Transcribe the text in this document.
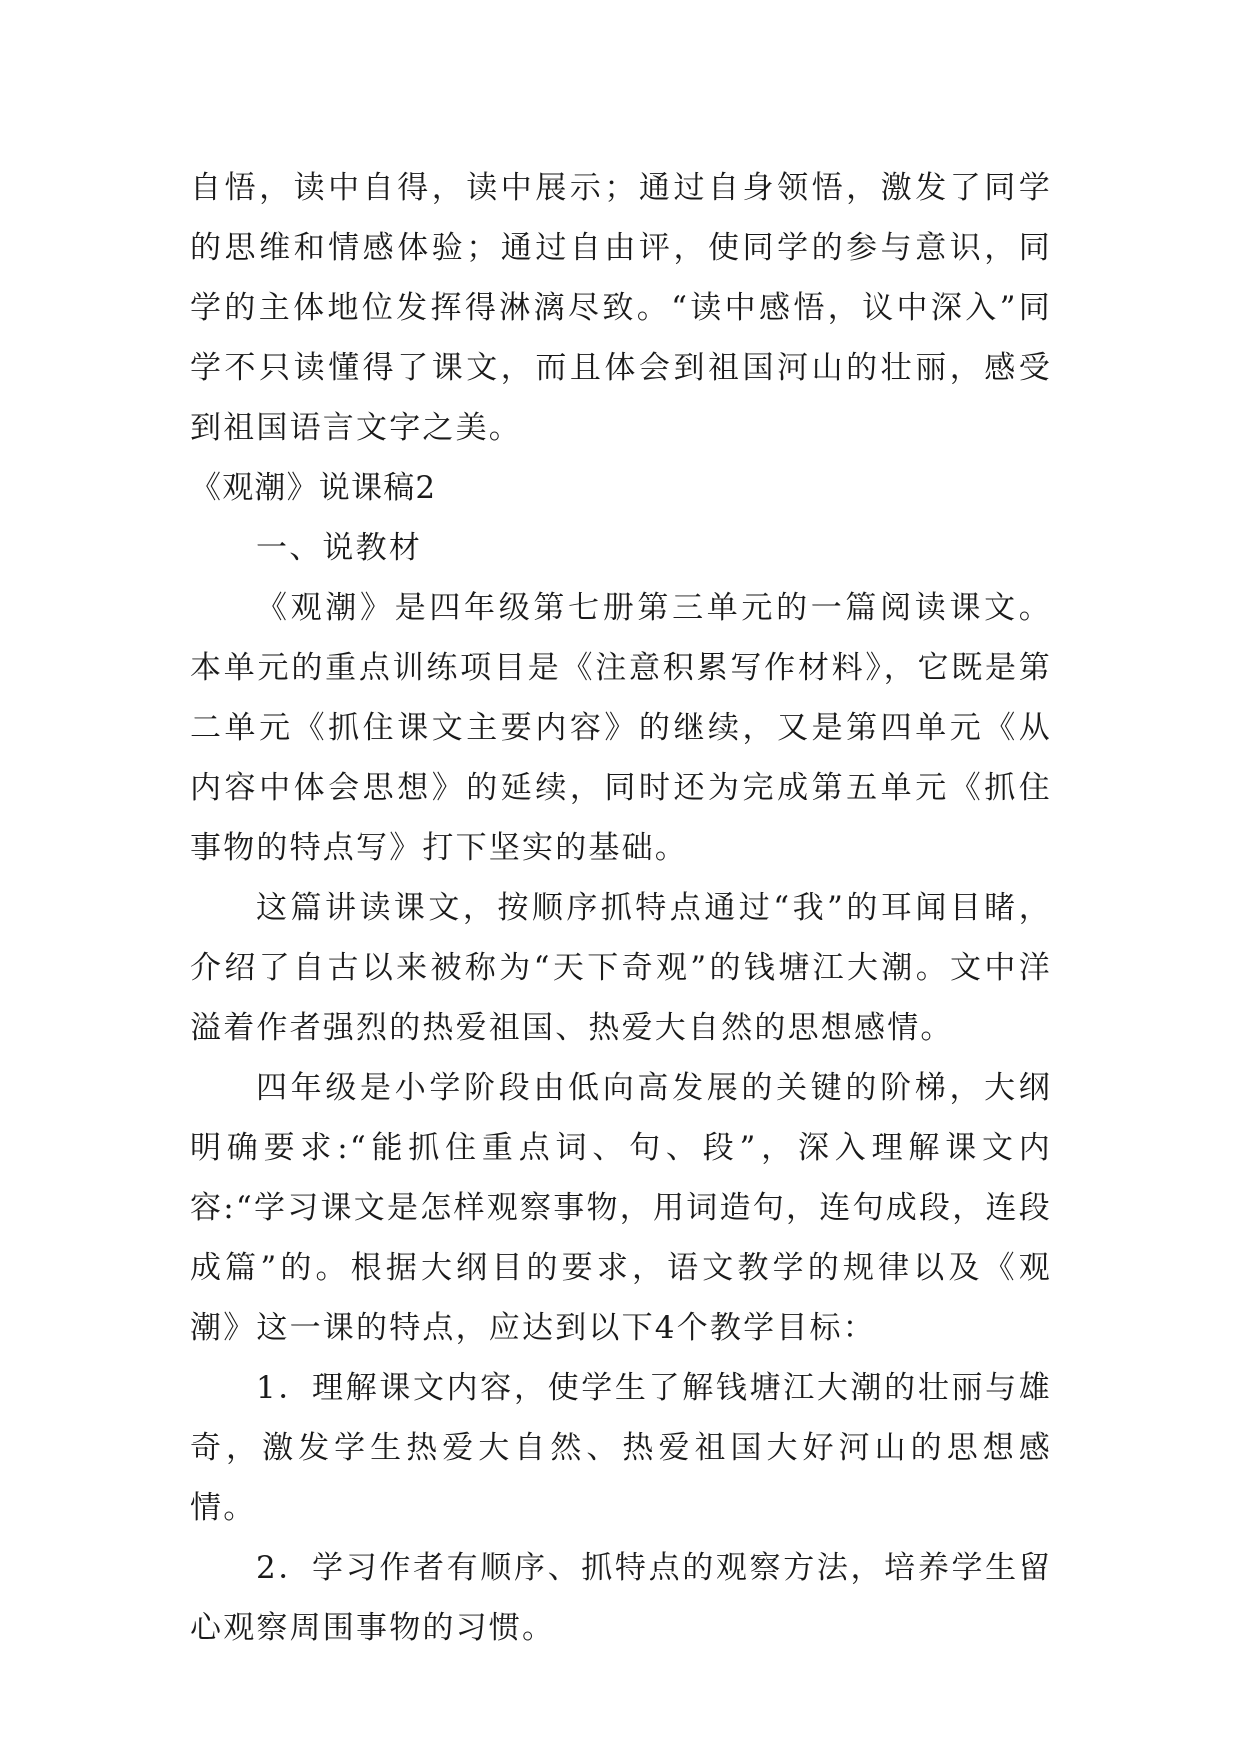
自悟，读中自得，读中展示；通过自身领悟，激发了同学的思维和情感体验；通过自由评，使同学的参与意识，同学的主体地位发挥得淋漓尽致。“读中感悟，议中深入”同学不只读懂得了课文，而且体会到祖国河山的壮丽，感受到祖国语言文字之美。

《观潮》说课稿2

一、说教材

《观潮》是四年级第七册第三单元的一篇阅读课文。本单元的重点训练项目是《注意积累写作材料》，它既是第二单元《抓住课文主要内容》的继续，又是第四单元《从内容中体会思想》的延续，同时还为完成第五单元《抓住事物的特点写》打下坚实的基础。

这篇讲读课文，按顺序抓特点通过“我”的耳闻目睹，介绍了自古以来被称为“天下奇观”的钱塘江大潮。文中洋溢着作者强烈的热爱祖国、热爱大自然的思想感情。

四年级是小学阶段由低向高发展的关键的阶梯，大纲明确要求:“能抓住重点词、句、段”，深入理解课文内容:“学习课文是怎样观察事物，用词造句，连句成段，连段成篇”的。根据大纲目的要求，语文教学的规律以及《观潮》这一课的特点，应达到以下4个教学目标：

1．理解课文内容，使学生了解钱塘江大潮的壮丽与雄奇，激发学生热爱大自然、热爱祖国大好河山的思想感情。

2．学习作者有顺序、抓特点的观察方法，培养学生留心观察周围事物的习惯。
